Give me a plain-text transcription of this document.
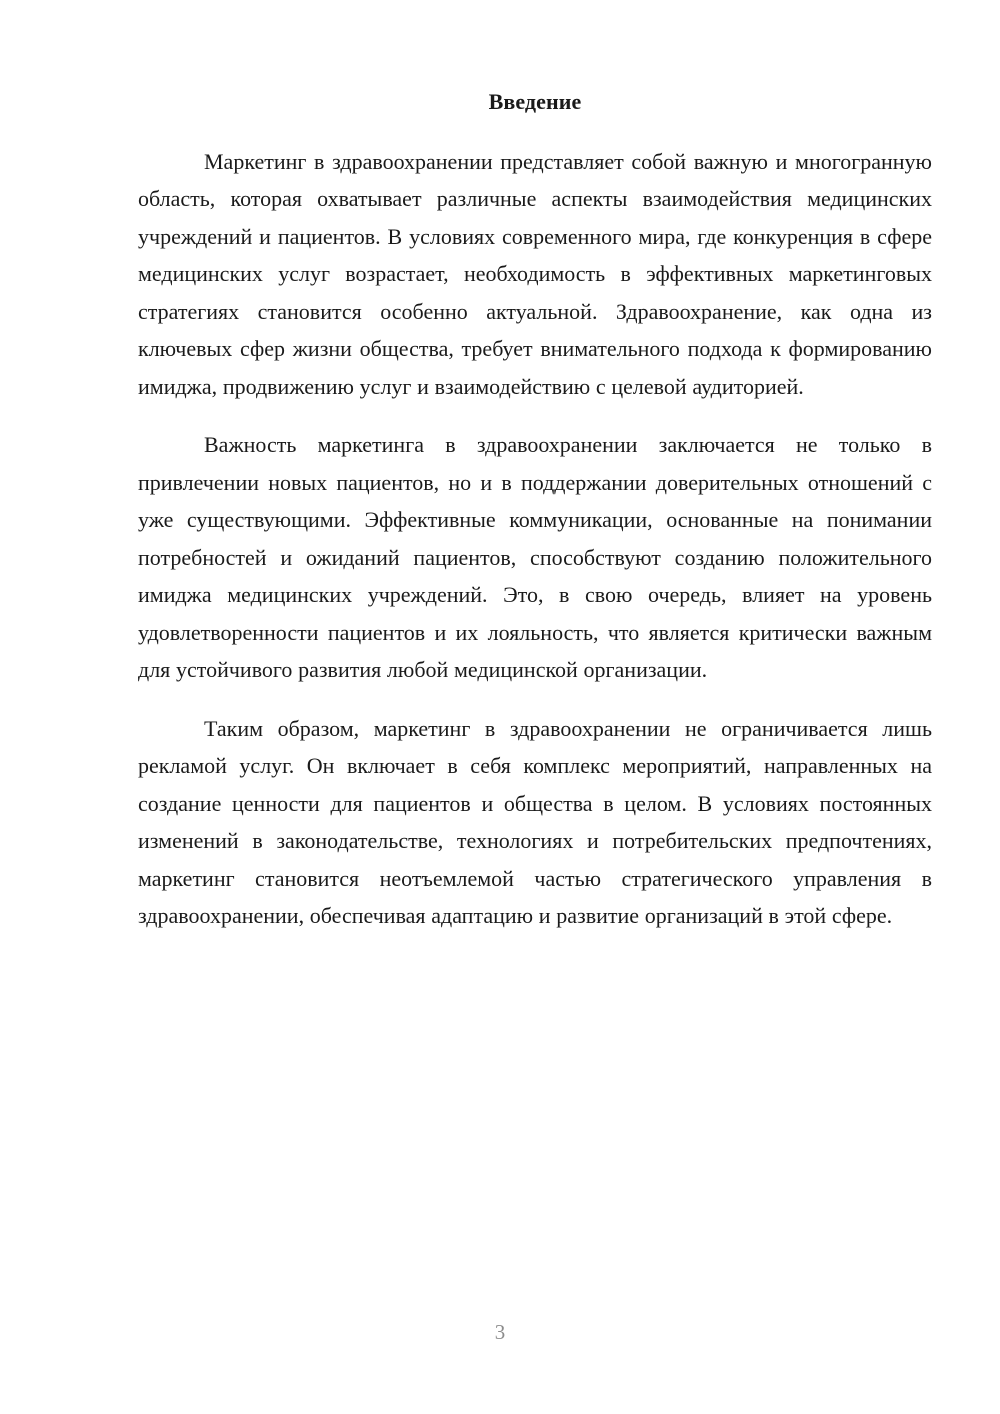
Введение

Маркетинг в здравоохранении представляет собой важную и многогранную область, которая охватывает различные аспекты взаимодействия медицинских учреждений и пациентов. В условиях современного мира, где конкуренция в сфере медицинских услуг возрастает, необходимость в эффективных маркетинговых стратегиях становится особенно актуальной. Здравоохранение, как одна из ключевых сфер жизни общества, требует внимательного подхода к формированию имиджа, продвижению услуг и взаимодействию с целевой аудиторией.

Важность маркетинга в здравоохранении заключается не только в привлечении новых пациентов, но и в поддержании доверительных отношений с уже существующими. Эффективные коммуникации, основанные на понимании потребностей и ожиданий пациентов, способствуют созданию положительного имиджа медицинских учреждений. Это, в свою очередь, влияет на уровень удовлетворенности пациентов и их лояльность, что является критически важным для устойчивого развития любой медицинской организации.

Таким образом, маркетинг в здравоохранении не ограничивается лишь рекламой услуг. Он включает в себя комплекс мероприятий, направленных на создание ценности для пациентов и общества в целом. В условиях постоянных изменений в законодательстве, технологиях и потребительских предпочтениях, маркетинг становится неотъемлемой частью стратегического управления в здравоохранении, обеспечивая адаптацию и развитие организаций в этой сфере.

3
